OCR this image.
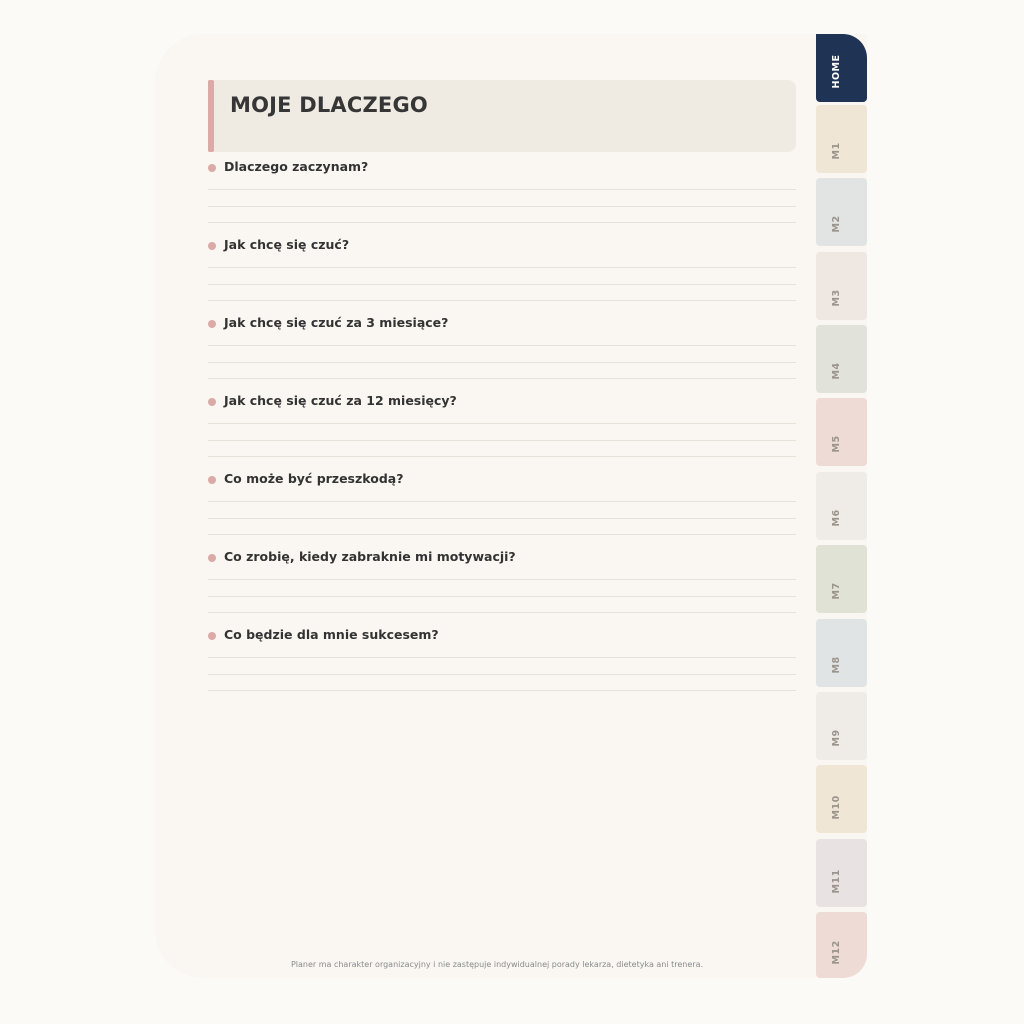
MOJE DLACZEGO
Dlaczego zaczynam?
Jak chcę się czuć?
Jak chcę się czuć za 3 miesiące?
Jak chcę się czuć za 12 miesięcy?
Co może być przeszkodą?
Co zrobię, kiedy zabraknie mi motywacji?
Co będzie dla mnie sukcesem?
Planer ma charakter organizacyjny i nie zastępuje indywidualnej porady lekarza, dietetyka ani trenera.
HOME
M1
M2
M3
M4
M5
M6
M7
M8
M9
M10
M11
M12
